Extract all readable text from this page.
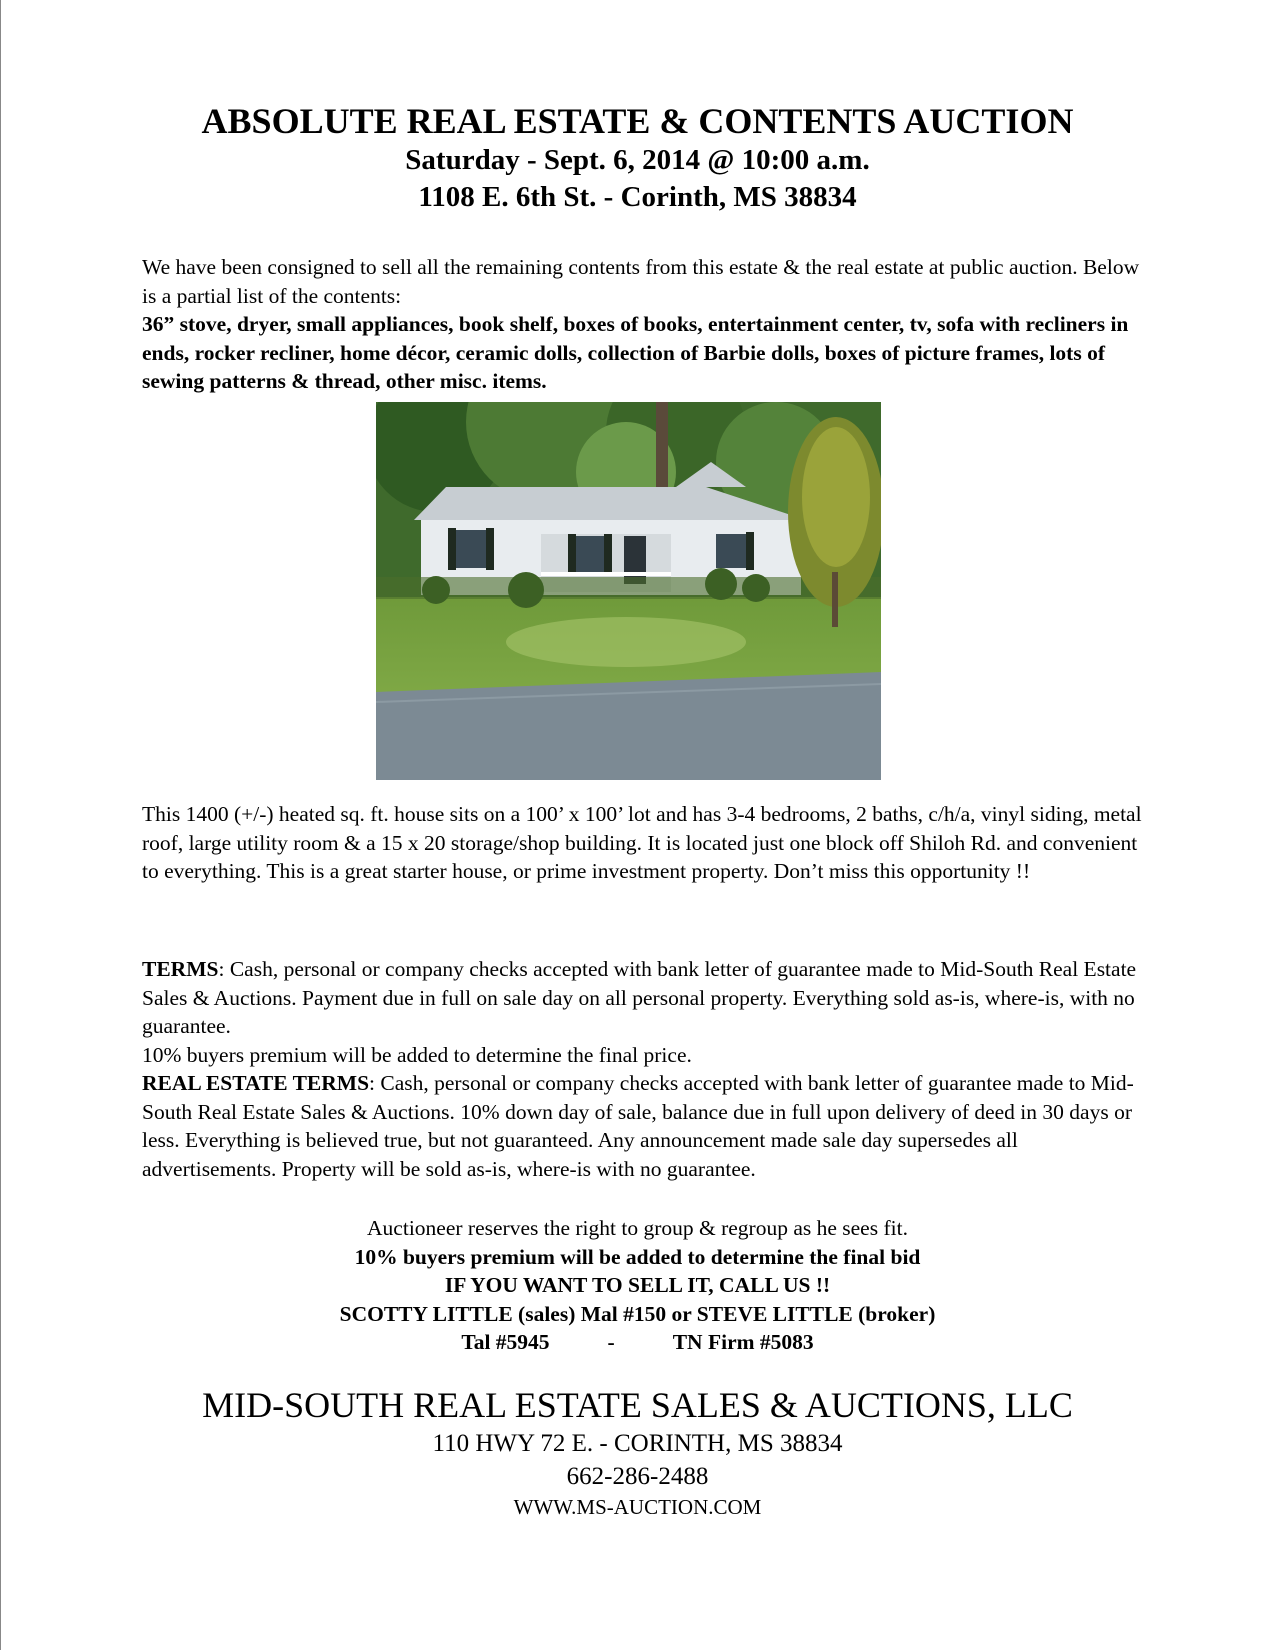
ABSOLUTE REAL ESTATE & CONTENTS AUCTION
Saturday - Sept. 6, 2014 @ 10:00 a.m.
1108 E. 6th St. - Corinth, MS 38834
We have been consigned to sell all the remaining contents from this estate & the real estate at public auction. Below is a partial list of the contents:
36” stove, dryer, small appliances, book shelf, boxes of books, entertainment center, tv, sofa with recliners in ends, rocker recliner, home décor, ceramic dolls, collection of Barbie dolls, boxes of picture frames, lots of sewing patterns & thread, other misc. items.
This 1400 (+/-) heated sq. ft. house sits on a 100’ x 100’ lot and has 3-4 bedrooms, 2 baths, c/h/a, vinyl siding, metal roof, large utility room & a 15 x 20 storage/shop building. It is located just one block off Shiloh Rd. and convenient to everything. This is a great starter house, or prime investment property. Don’t miss this opportunity !!
TERMS: Cash, personal or company checks accepted with bank letter of guarantee made to Mid-South Real Estate Sales & Auctions. Payment due in full on sale day on all personal property. Everything sold as-is, where-is, with no guarantee.
10% buyers premium will be added to determine the final price.
REAL ESTATE TERMS: Cash, personal or company checks accepted with bank letter of guarantee made to Mid-South Real Estate Sales & Auctions. 10% down day of sale, balance due in full upon delivery of deed in 30 days or less. Everything is believed true, but not guaranteed. Any announcement made sale day supersedes all advertisements. Property will be sold as-is, where-is with no guarantee.
Auctioneer reserves the right to group & regroup as he sees fit.
10% buyers premium will be added to determine the final bid
IF YOU WANT TO SELL IT, CALL US !!
SCOTTY LITTLE (sales) Mal #150 or STEVE LITTLE (broker)
Tal #5945	-	TN Firm #5083
MID-SOUTH REAL ESTATE SALES & AUCTIONS, LLC
110 HWY 72 E. - CORINTH, MS 38834
662-286-2488
WWW.MS-AUCTION.COM
